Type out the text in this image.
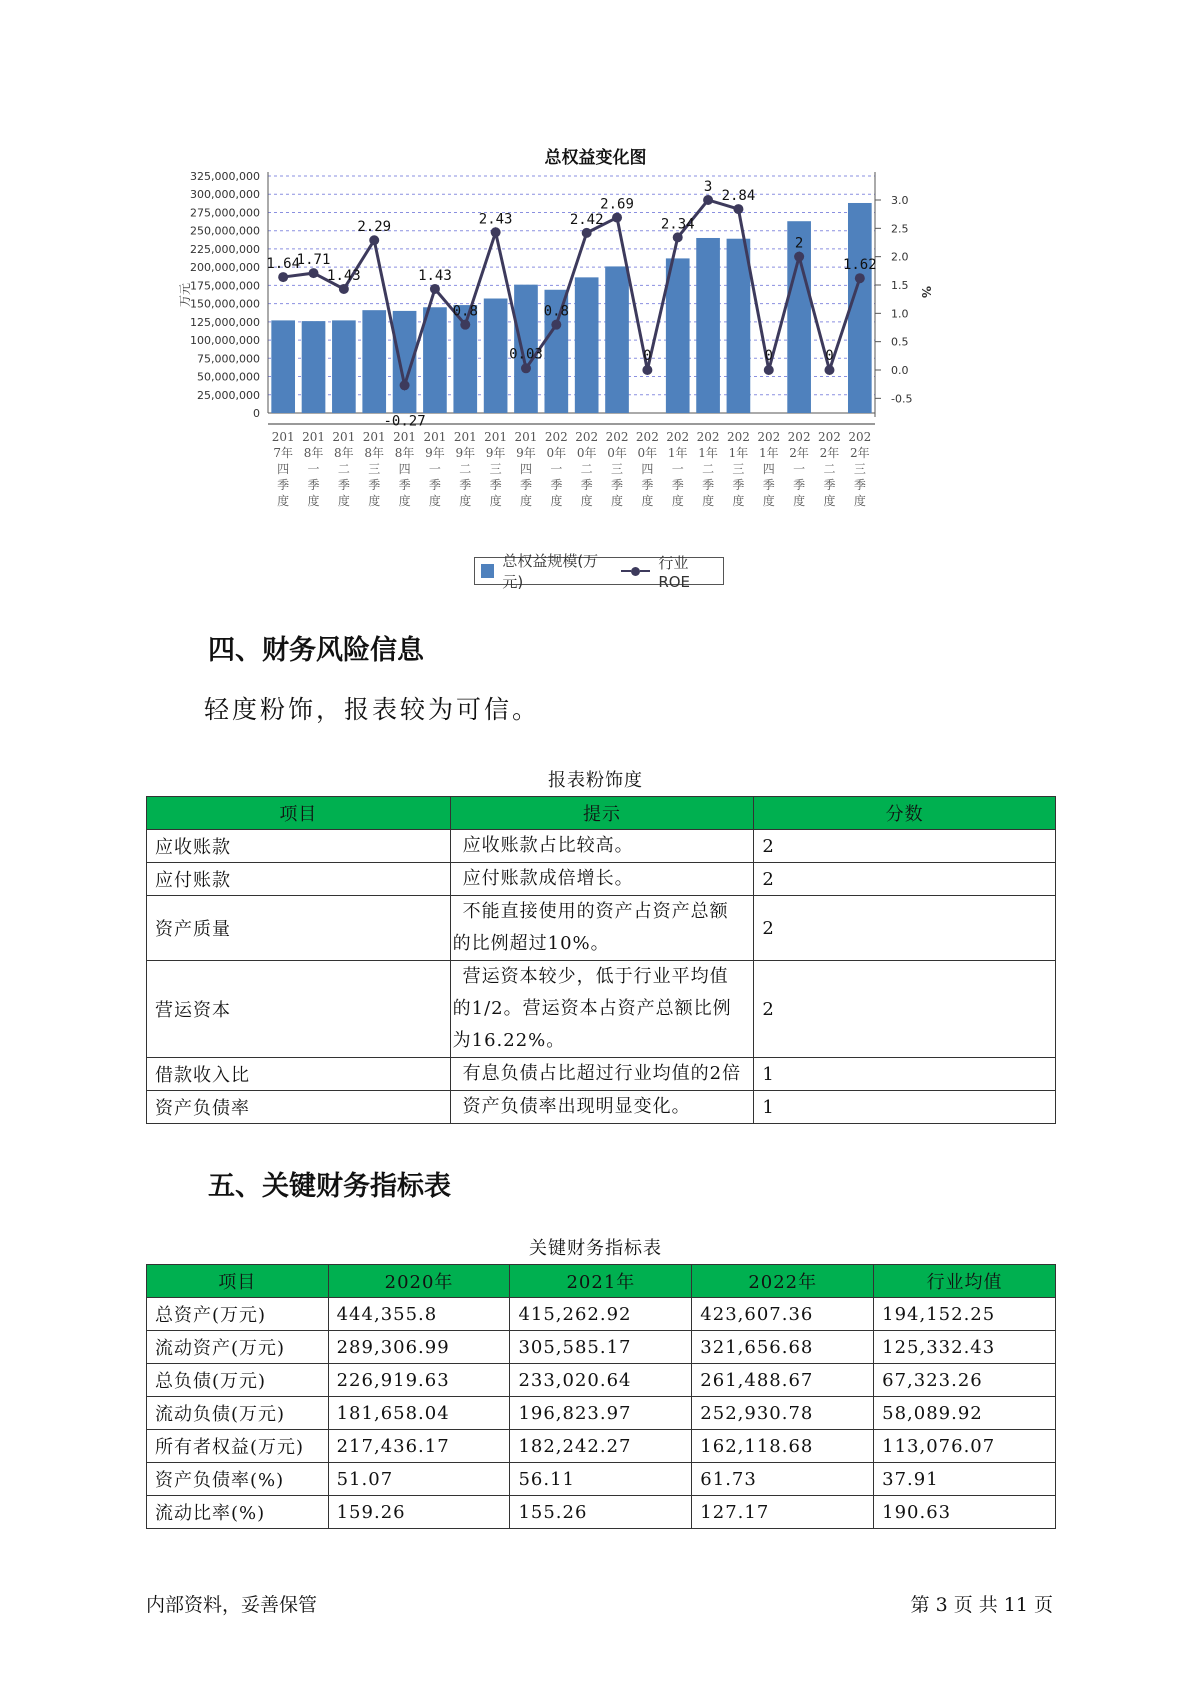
总权益变化图
325,000,000
300,000,000
275,000,000
250,000,000
225,000,000
200,000,000
175,000,000
150,000,000
125,000,000
100,000,000
75,000,000
50,000,000
25,000,000
0
3.0
2.5
2.0
1.5
1.0
0.5
0.0
-0.5
万元	%
1.64
1.71
1.43
2.29
-0.27
1.43
0.8
2.43
0.03
0.8
2.42
2.69
0
2.34
3
2.84
0
2
0
1.62
201
7年
四
季
度
201
8年
一
季
度
201
8年
二
季
度
201
8年
三
季
度
201
8年
四
季
度
201
9年
一
季
度
201
9年
二
季
度
201
9年
三
季
度
201
9年
四
季
度
202
0年
一
季
度
202
0年
二
季
度
202
0年
三
季
度
202
0年
四
季
度
202
1年
一
季
度
202
1年
二
季
度
202
1年
三
季
度
202
1年
四
季
度
202
2年
一
季
度
202
2年
二
季
度
202
2年
三
季
度
总权益规模(万元)
行业ROE
四、财务风险信息
轻度粉饰，报表较为可信。
报表粉饰度
项目	提示	分数
应收账款	应收账款占比较高。	2
应付账款	应付账款成倍增长。	2
资产质量	不能直接使用的资产占资产总额
的比例超过10%。	2
营运资本	营运资本较少，低于行业平均值
的1/2。营运资本占资产总额比例
为16.22%。	2
借款收入比	有息负债占比超过行业均值的2倍	1
资产负债率	资产负债率出现明显变化。	1
五、关键财务指标表
关键财务指标表
项目	2020年	2021年	2022年	行业均值
总资产(万元)	444,355.8	415,262.92	423,607.36	194,152.25
流动资产(万元)	289,306.99	305,585.17	321,656.68	125,332.43
总负债(万元)	226,919.63	233,020.64	261,488.67	67,323.26
流动负债(万元)	181,658.04	196,823.97	252,930.78	58,089.92
所有者权益(万元)	217,436.17	182,242.27	162,118.68	113,076.07
资产负债率(%)	51.07	56.11	61.73	37.91
流动比率(%)	159.26	155.26	127.17	190.63
内部资料，妥善保管	第 3 页 共 11 页
